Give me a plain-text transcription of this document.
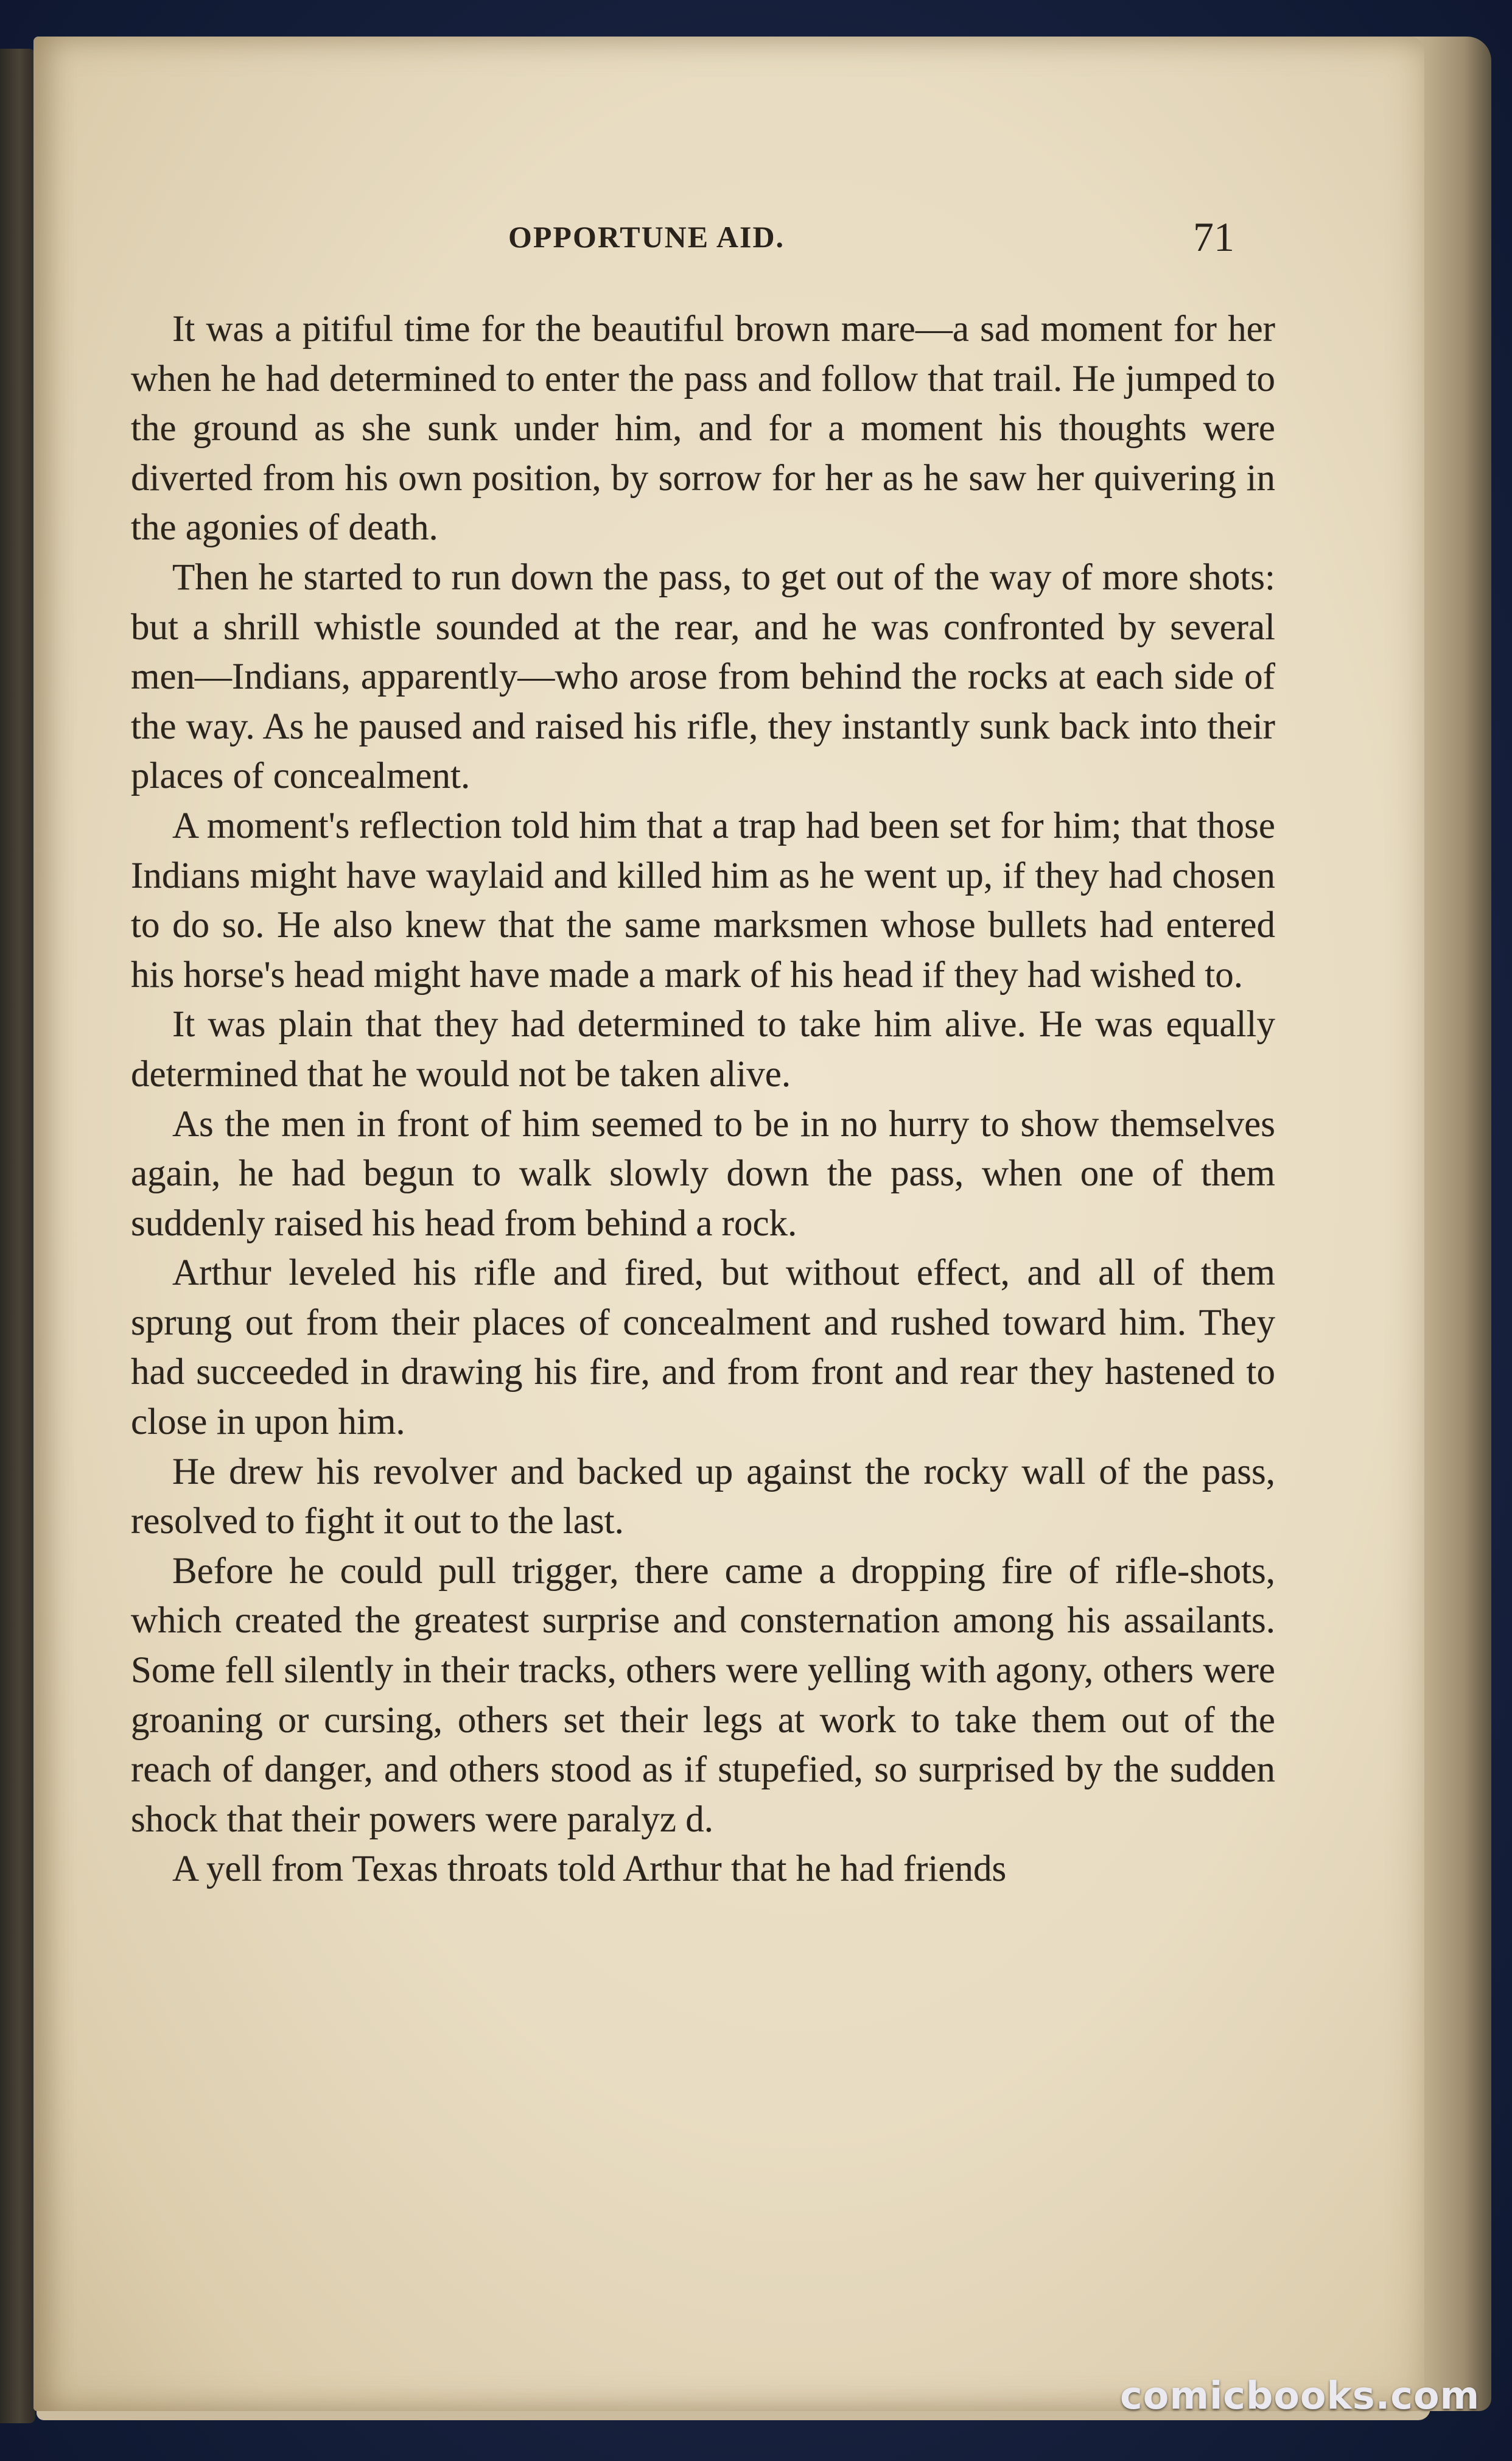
OPPORTUNE AID.	71

It was a pitiful time for the beautiful brown mare—a sad moment for her when he had determined to enter the pass and follow that trail. He jumped to the ground as she sunk under him, and for a moment his thoughts were diverted from his own position, by sorrow for her as he saw her quivering in the agonies of death.

Then he started to run down the pass, to get out of the way of more shots: but a shrill whistle sounded at the rear, and he was confronted by several men—Indians, apparently—who arose from behind the rocks at each side of the way. As he paused and raised his rifle, they instantly sunk back into their places of concealment.

A moment's reflection told him that a trap had been set for him; that those Indians might have waylaid and killed him as he went up, if they had chosen to do so. He also knew that the same marksmen whose bullets had entered his horse's head might have made a mark of his head if they had wished to.

It was plain that they had determined to take him alive. He was equally determined that he would not be taken alive.

As the men in front of him seemed to be in no hurry to show themselves again, he had begun to walk slowly down the pass, when one of them suddenly raised his head from behind a rock.

Arthur leveled his rifle and fired, but without effect, and all of them sprung out from their places of concealment and rushed toward him. They had succeeded in drawing his fire, and from front and rear they hastened to close in upon him.

He drew his revolver and backed up against the rocky wall of the pass, resolved to fight it out to the last.

Before he could pull trigger, there came a dropping fire of rifle-shots, which created the greatest surprise and consternation among his assailants. Some fell silently in their tracks, others were yelling with agony, others were groaning or cursing, others set their legs at work to take them out of the reach of danger, and others stood as if stupefied, so surprised by the sudden shock that their powers were paralyz d.

A yell from Texas throats told Arthur that he had friends

comicbooks.com
